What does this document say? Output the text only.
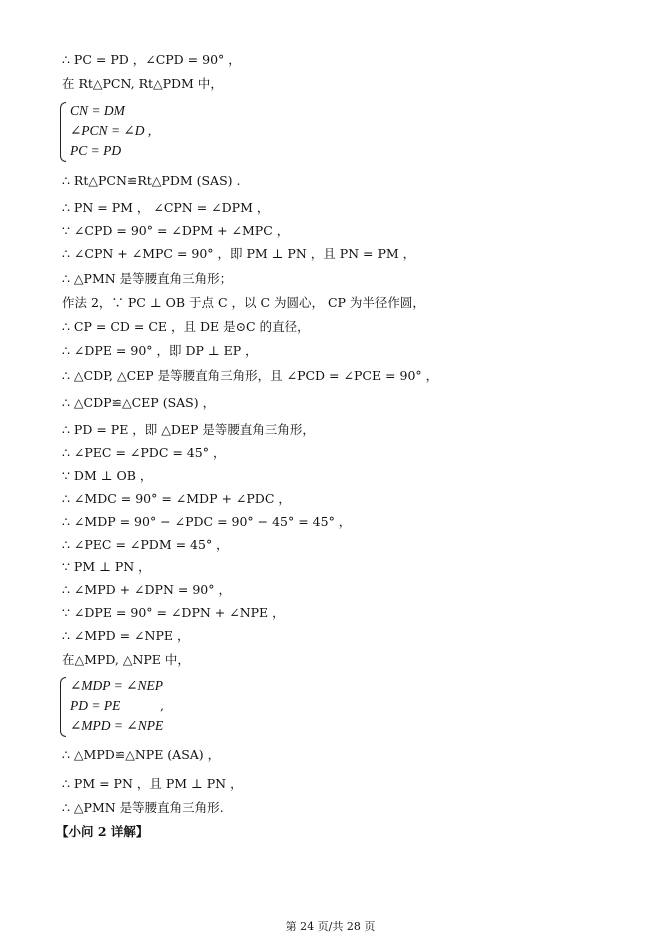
∴ PC = PD ，∠CPD = 90° ，
在 Rt△PCN, Rt△PDM 中，
CN = DM
∠PCN = ∠D ,
PC = PD
∴ Rt△PCN≌Rt△PDM (SAS) .
∴ PN = PM ， ∠CPN = ∠DPM ，
∵ ∠CPD = 90° = ∠DPM + ∠MPC ，
∴ ∠CPN + ∠MPC = 90° ，即 PM ⊥ PN ，且 PN = PM ，
∴ △PMN 是等腰直角三角形；
作法 2，∵ PC ⊥ OB 于点 C ，以 C 为圆心， CP 为半径作圆，
∴ CP = CD = CE ，且 DE 是⊙C 的直径，
∴ ∠DPE = 90° ，即 DP ⊥ EP ，
∴ △CDP, △CEP 是等腰直角三角形，且 ∠PCD = ∠PCE = 90° ，
∴ △CDP≌△CEP (SAS) ，
∴ PD = PE ，即 △DEP 是等腰直角三角形，
∴ ∠PEC = ∠PDC = 45° ，
∵ DM ⊥ OB ，
∴ ∠MDC = 90° = ∠MDP + ∠PDC ，
∴ ∠MDP = 90° − ∠PDC = 90° − 45° = 45° ，
∴ ∠PEC = ∠PDM = 45° ，
∵ PM ⊥ PN ，
∴ ∠MPD + ∠DPN = 90° ，
∵ ∠DPE = 90° = ∠DPN + ∠NPE ，
∴ ∠MPD = ∠NPE ，
在△MPD, △NPE 中，
∠MDP = ∠NEP
PD = PE
∠MPD = ∠NPE
,
∴ △MPD≌△NPE (ASA) ，
∴ PM = PN ，且 PM ⊥ PN ，
∴ △PMN 是等腰直角三角形.
【小问 2 详解】
第 24 页/共 28 页
